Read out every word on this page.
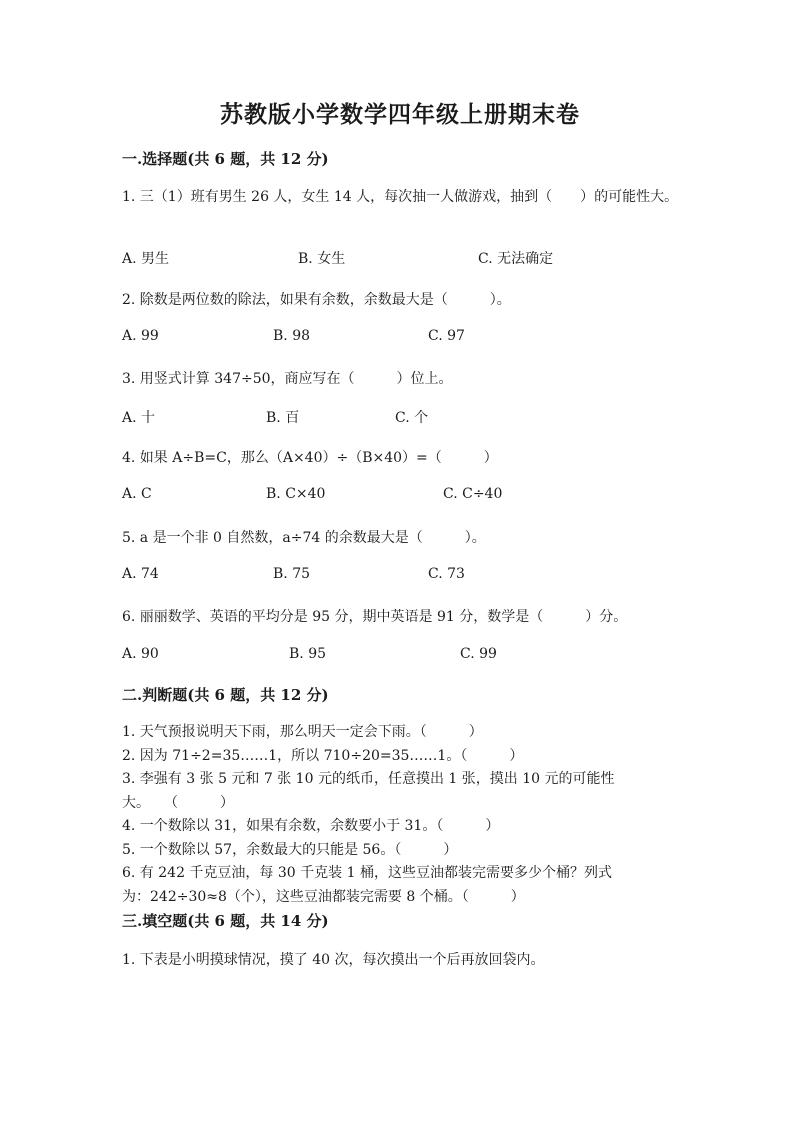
苏教版小学数学四年级上册期末卷
一.选择题(共 6 题，共 12 分)
1. 三（1）班有男生 26 人，女生 14 人，每次抽一人做游戏，抽到（　　）的可能性大。
A. 男生	B. 女生	C. 无法确定
2. 除数是两位数的除法，如果有余数，余数最大是（　　　）。
A. 99	B. 98	C. 97
3. 用竖式计算 347÷50，商应写在（　　　）位上。
A. 十	B. 百	C. 个
4. 如果 A÷B=C，那么（A×40）÷（B×40）=（　　　）
A. C	B. C×40	C. C÷40
5. a 是一个非 0 自然数，a÷74 的余数最大是（　　　）。
A. 74	B. 75	C. 73
6. 丽丽数学、英语的平均分是 95 分，期中英语是 91 分，数学是（　　　）分。
A. 90	B. 95	C. 99
二.判断题(共 6 题，共 12 分)
1. 天气预报说明天下雨，那么明天一定会下雨。（　　　）
2. 因为 71÷2=35……1，所以 710÷20=35……1。（　　　）
3. 李强有 3 张 5 元和 7 张 10 元的纸币，任意摸出 1 张，摸出 10 元的可能性
大。　　（　　　）
4. 一个数除以 31，如果有余数，余数要小于 31。（　　　）
5. 一个数除以 57，余数最大的只能是 56。（　　　）
6. 有 242 千克豆油，每 30 千克装 1 桶，这些豆油都装完需要多少个桶？列式
为：242÷30≈8（个），这些豆油都装完需要 8 个桶。（　　　）
三.填空题(共 6 题，共 14 分)
1. 下表是小明摸球情况，摸了 40 次，每次摸出一个后再放回袋内。
